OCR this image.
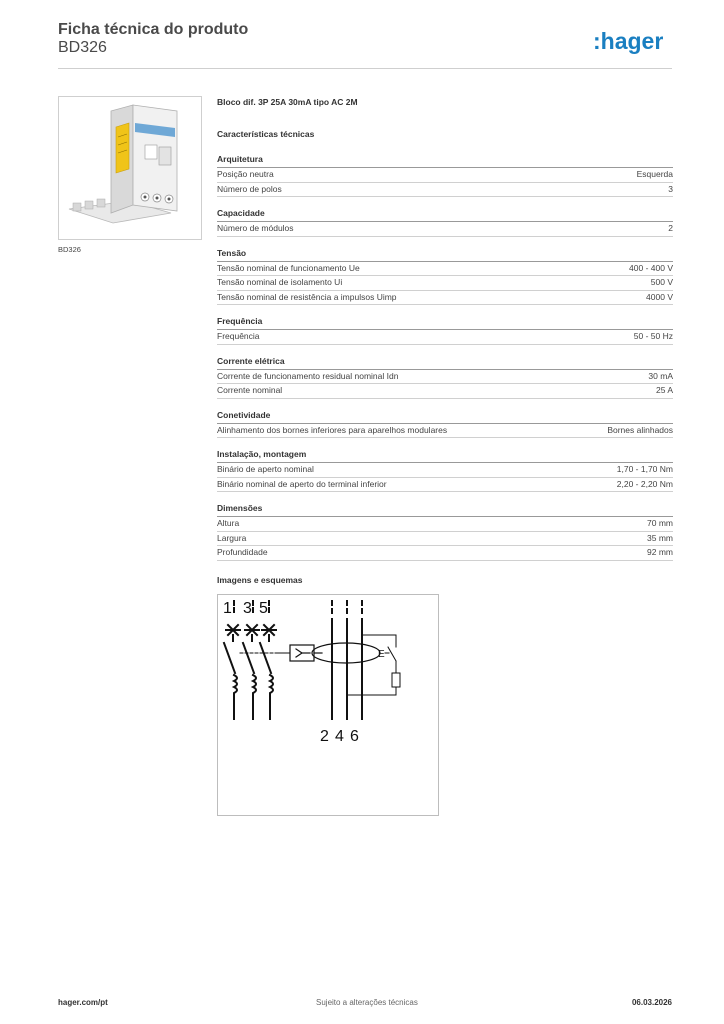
Ficha técnica do produto
BD326	:hager
BD326
Bloco dif. 3P 25A 30mA tipo AC 2M
Características técnicas
Arquitetura
Posição neutra	Esquerda
Número de polos	3
Capacidade
Número de módulos	2
Tensão
Tensão nominal de funcionamento Ue	400 - 400 V
Tensão nominal de isolamento Ui	500 V
Tensão nominal de resistência a impulsos Uimp	4000 V
Frequência
Frequência	50 - 50 Hz
Corrente elétrica
Corrente de funcionamento residual nominal Idn	30 mA
Corrente nominal	25 A
Conetividade
Alinhamento dos bornes inferiores para aparelhos modulares	Bornes alinhados
Instalação, montagem
Binário de aperto nominal	1,70 - 1,70 Nm
Binário nominal de aperto do terminal inferior	2,20 - 2,20 Nm
Dimensões
Altura	70 mm
Largura	35 mm
Profundidade	92 mm
Imagens e esquemas
1 3 5
E
2 4 6
hager.com/pt	Sujeito a alterações técnicas	06.03.2026
